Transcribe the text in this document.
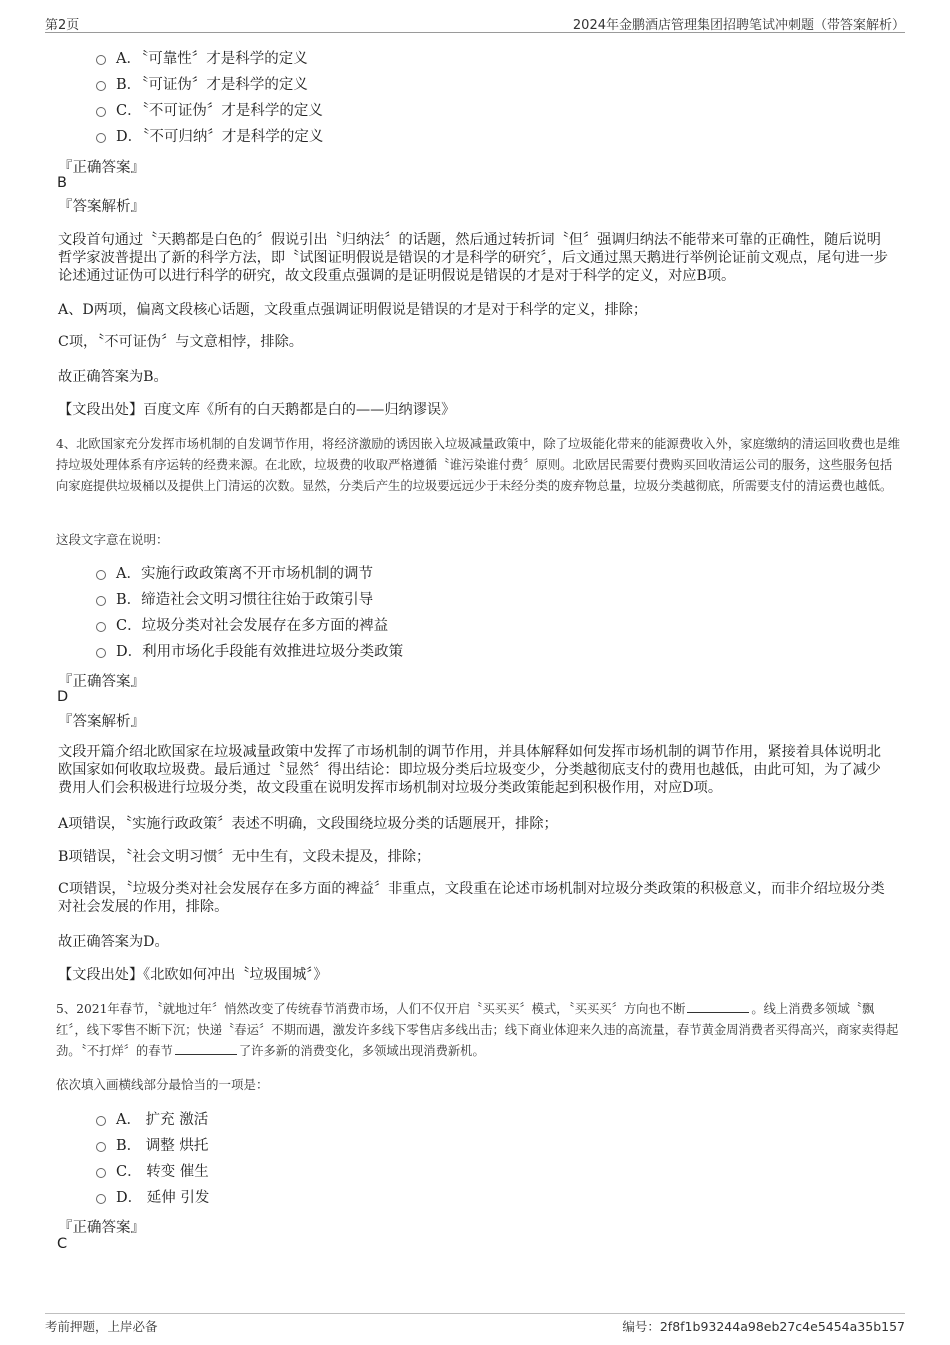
第2页	2024年金鹏酒店管理集团招聘笔试冲刺题（带答案解析）
A．〝可靠性〞才是科学的定义
B．〝可证伪〞才是科学的定义
C．〝不可证伪〞才是科学的定义
D．〝不可归纳〞才是科学的定义
『正确答案』
B
『答案解析』
文段首句通过〝天鹅都是白色的〞假说引出〝归纳法〞的话题，然后通过转折词〝但〞强调归纳法不能带来可靠的正确性，随后说明哲学家波普提出了新的科学方法，即〝试图证明假说是错误的才是科学的研究〞，后文通过黑天鹅进行举例论证前文观点，尾句进一步论述通过证伪可以进行科学的研究，故文段重点强调的是证明假说是错误的才是对于科学的定义，对应B项。
A、D两项，偏离文段核心话题，文段重点强调证明假说是错误的才是对于科学的定义，排除；
C项，〝不可证伪〞与文意相悖，排除。
故正确答案为B。
【文段出处】百度文库《所有的白天鹅都是白的——归纳谬误》
4、北欧国家充分发挥市场机制的自发调节作用，将经济激励的诱因嵌入垃圾减量政策中，除了垃圾能化带来的能源费收入外，家庭缴纳的清运回收费也是维持垃圾处理体系有序运转的经费来源。在北欧，垃圾费的收取严格遵循〝谁污染谁付费〞原则。北欧居民需要付费购买回收清运公司的服务，这些服务包括向家庭提供垃圾桶以及提供上门清运的次数。显然，分类后产生的垃圾要远远少于未经分类的废弃物总量，垃圾分类越彻底，所需要支付的清运费也越低。
这段文字意在说明：
A．实施行政政策离不开市场机制的调节
B．缔造社会文明习惯往往始于政策引导
C．垃圾分类对社会发展存在多方面的裨益
D．利用市场化手段能有效推进垃圾分类政策
『正确答案』
D
『答案解析』
文段开篇介绍北欧国家在垃圾减量政策中发挥了市场机制的调节作用，并具体解释如何发挥市场机制的调节作用，紧接着具体说明北欧国家如何收取垃圾费。最后通过〝显然〞得出结论：即垃圾分类后垃圾变少，分类越彻底支付的费用也越低，由此可知，为了减少费用人们会积极进行垃圾分类，故文段重在说明发挥市场机制对垃圾分类政策能起到积极作用，对应D项。
A项错误，〝实施行政政策〞表述不明确，文段围绕垃圾分类的话题展开，排除；
B项错误，〝社会文明习惯〞无中生有，文段未提及，排除；
C项错误，〝垃圾分类对社会发展存在多方面的裨益〞非重点，文段重在论述市场机制对垃圾分类政策的积极意义，而非介绍垃圾分类对社会发展的作用，排除。
故正确答案为D。
【文段出处】《北欧如何冲出〝垃圾围城〞》
5、2021年春节，〝就地过年〞悄然改变了传统春节消费市场，人们不仅开启〝买买买〞模式，〝买买买〞方向也不断	。线上消费多领域〝飘红〞，线下零售不断下沉；快递〝春运〞不期而遇，激发许多线下零售店多线出击；线下商业体迎来久违的高流量，春节黄金周消费者买得高兴，商家卖得起劲。〝不打烊〞的春节	了许多新的消费变化，多领域出现消费新机。
依次填入画横线部分最恰当的一项是：
A． 扩充 激活
B． 调整 烘托
C． 转变 催生
D． 延伸 引发
『正确答案』
C
考前押题，上岸必备	编号：2f8f1b93244a98eb27c4e5454a35b157
